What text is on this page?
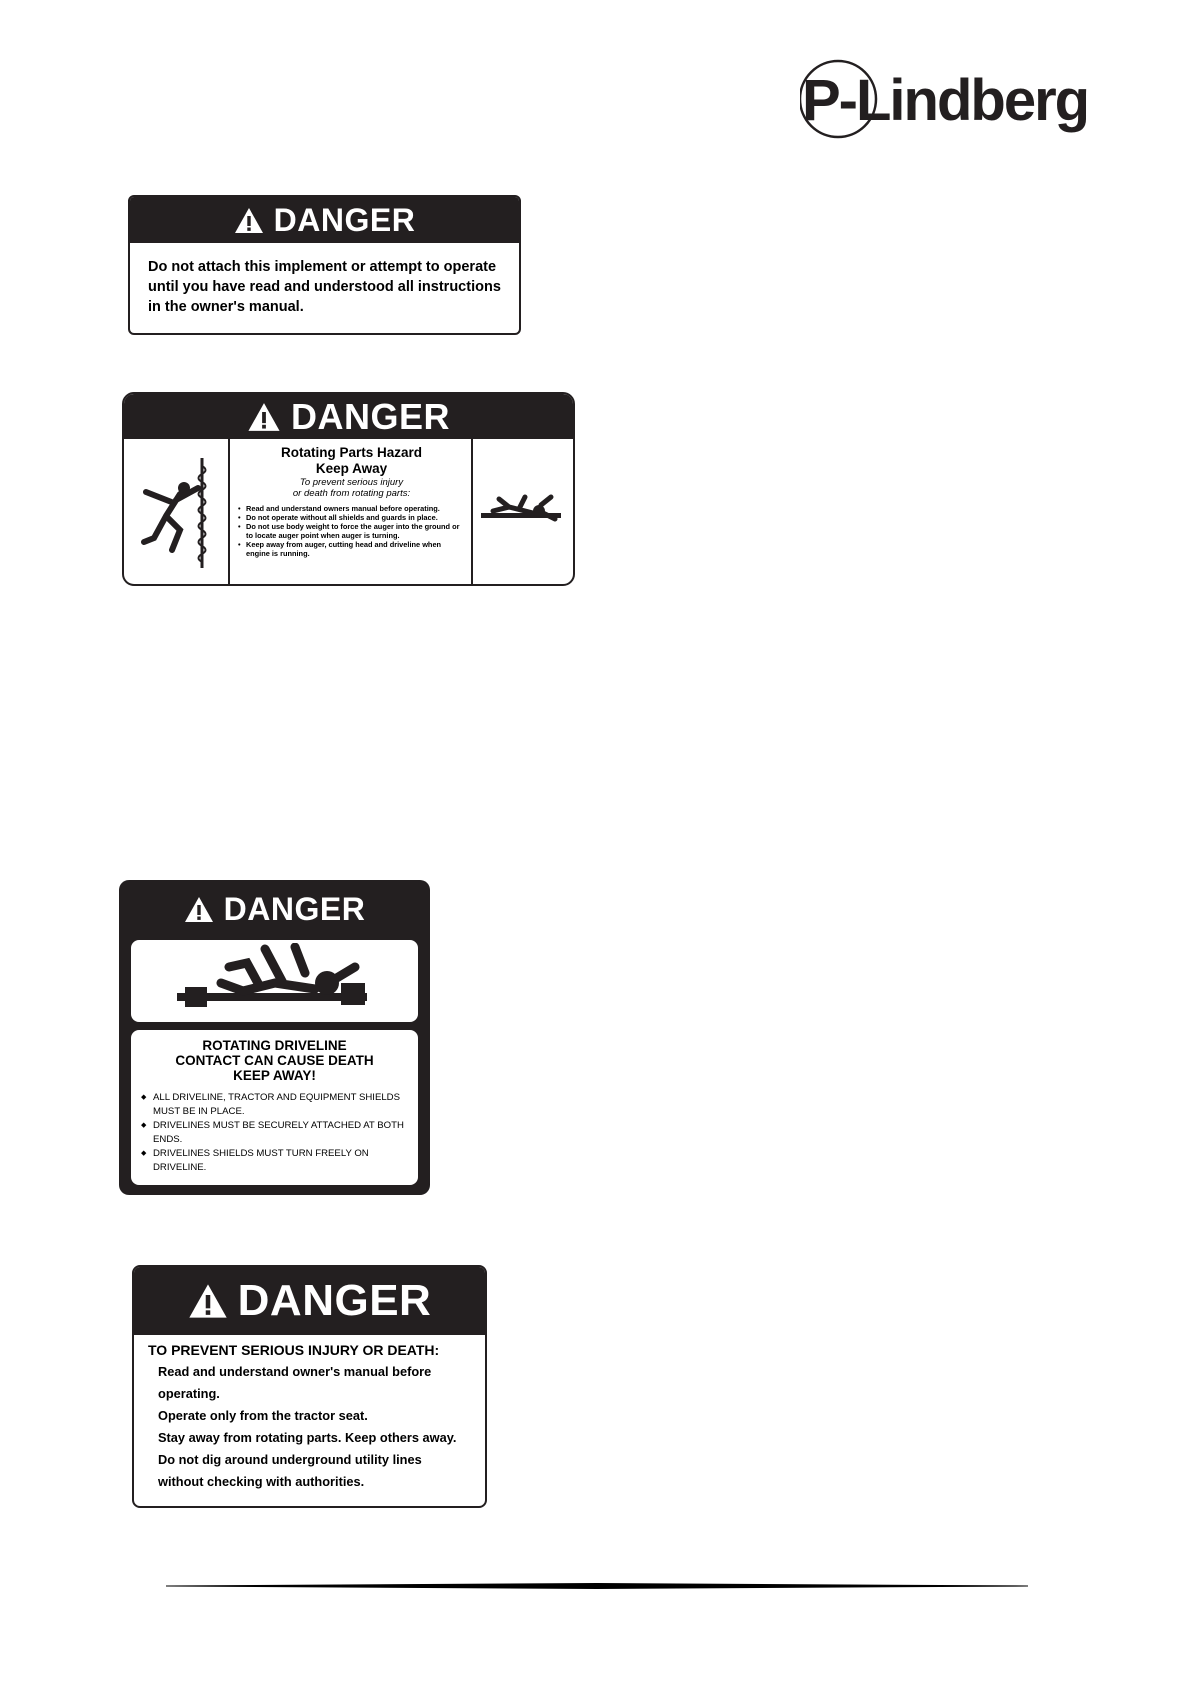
P-Lindberg
DANGER
Do not attach this implement or attempt to operate
until you have read and understood all instructions
in the owner's manual.
DANGER
Rotating Parts Hazard
Keep Away
To prevent serious injury
or death from rotating parts:
• Read and understand owners manual before operating.
• Do not operate without all shields and guards in place.
• Do not use body weight to force the auger into the ground or to locate auger point when auger is turning.
• Keep away from auger, cutting head and driveline when engine is running.
DANGER
ROTATING DRIVELINE
CONTACT CAN CAUSE DEATH
KEEP AWAY!
◆ ALL DRIVELINE, TRACTOR AND EQUIPMENT SHIELDS MUST BE IN PLACE.
◆ DRIVELINES MUST BE SECURELY ATTACHED AT BOTH ENDS.
◆ DRIVELINES SHIELDS MUST TURN FREELY ON DRIVELINE.
DANGER
TO PREVENT SERIOUS INJURY OR DEATH:
Read and understand owner's manual before
operating.
Operate only from the tractor seat.
Stay away from rotating parts. Keep others away.
Do not dig around underground utility lines
without checking with authorities.
